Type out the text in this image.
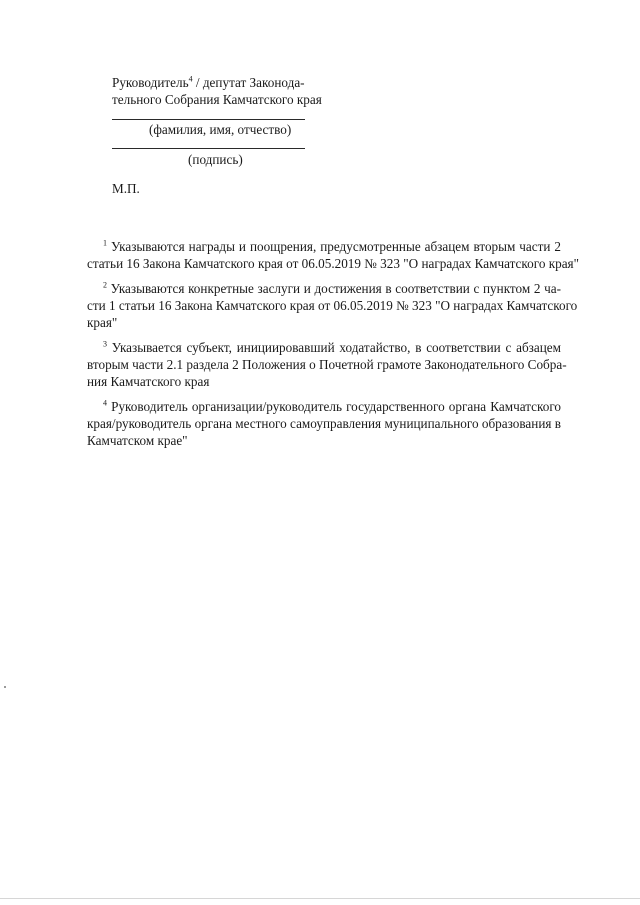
Руководитель$^4$ / депутат Законода-
тельного Собрания Камчатского края
(фамилия, имя, отчество)
(подпись)
М.П.
$^1$ Указываются награды и поощрения, предусмотренные абзацем вторым части 2
статьи 16 Закона Камчатского края от 06.05.2019 № 323 "О наградах Камчатского края"
$^2$ Указываются конкретные заслуги и достижения в соответствии с пунктом 2 ча-
сти 1 статьи 16 Закона Камчатского края от 06.05.2019 № 323 "О наградах Камчатского
края"
$^3$ Указывается субъект, инициировавший ходатайство, в соответствии с абзацем
вторым части 2.1 раздела 2 Положения о Почетной грамоте Законодательного Собра-
ния Камчатского края
$^4$ Руководитель организации/руководитель государственного органа Камчатского
края/руководитель органа местного самоуправления муниципального образования в
Камчатском крае"
